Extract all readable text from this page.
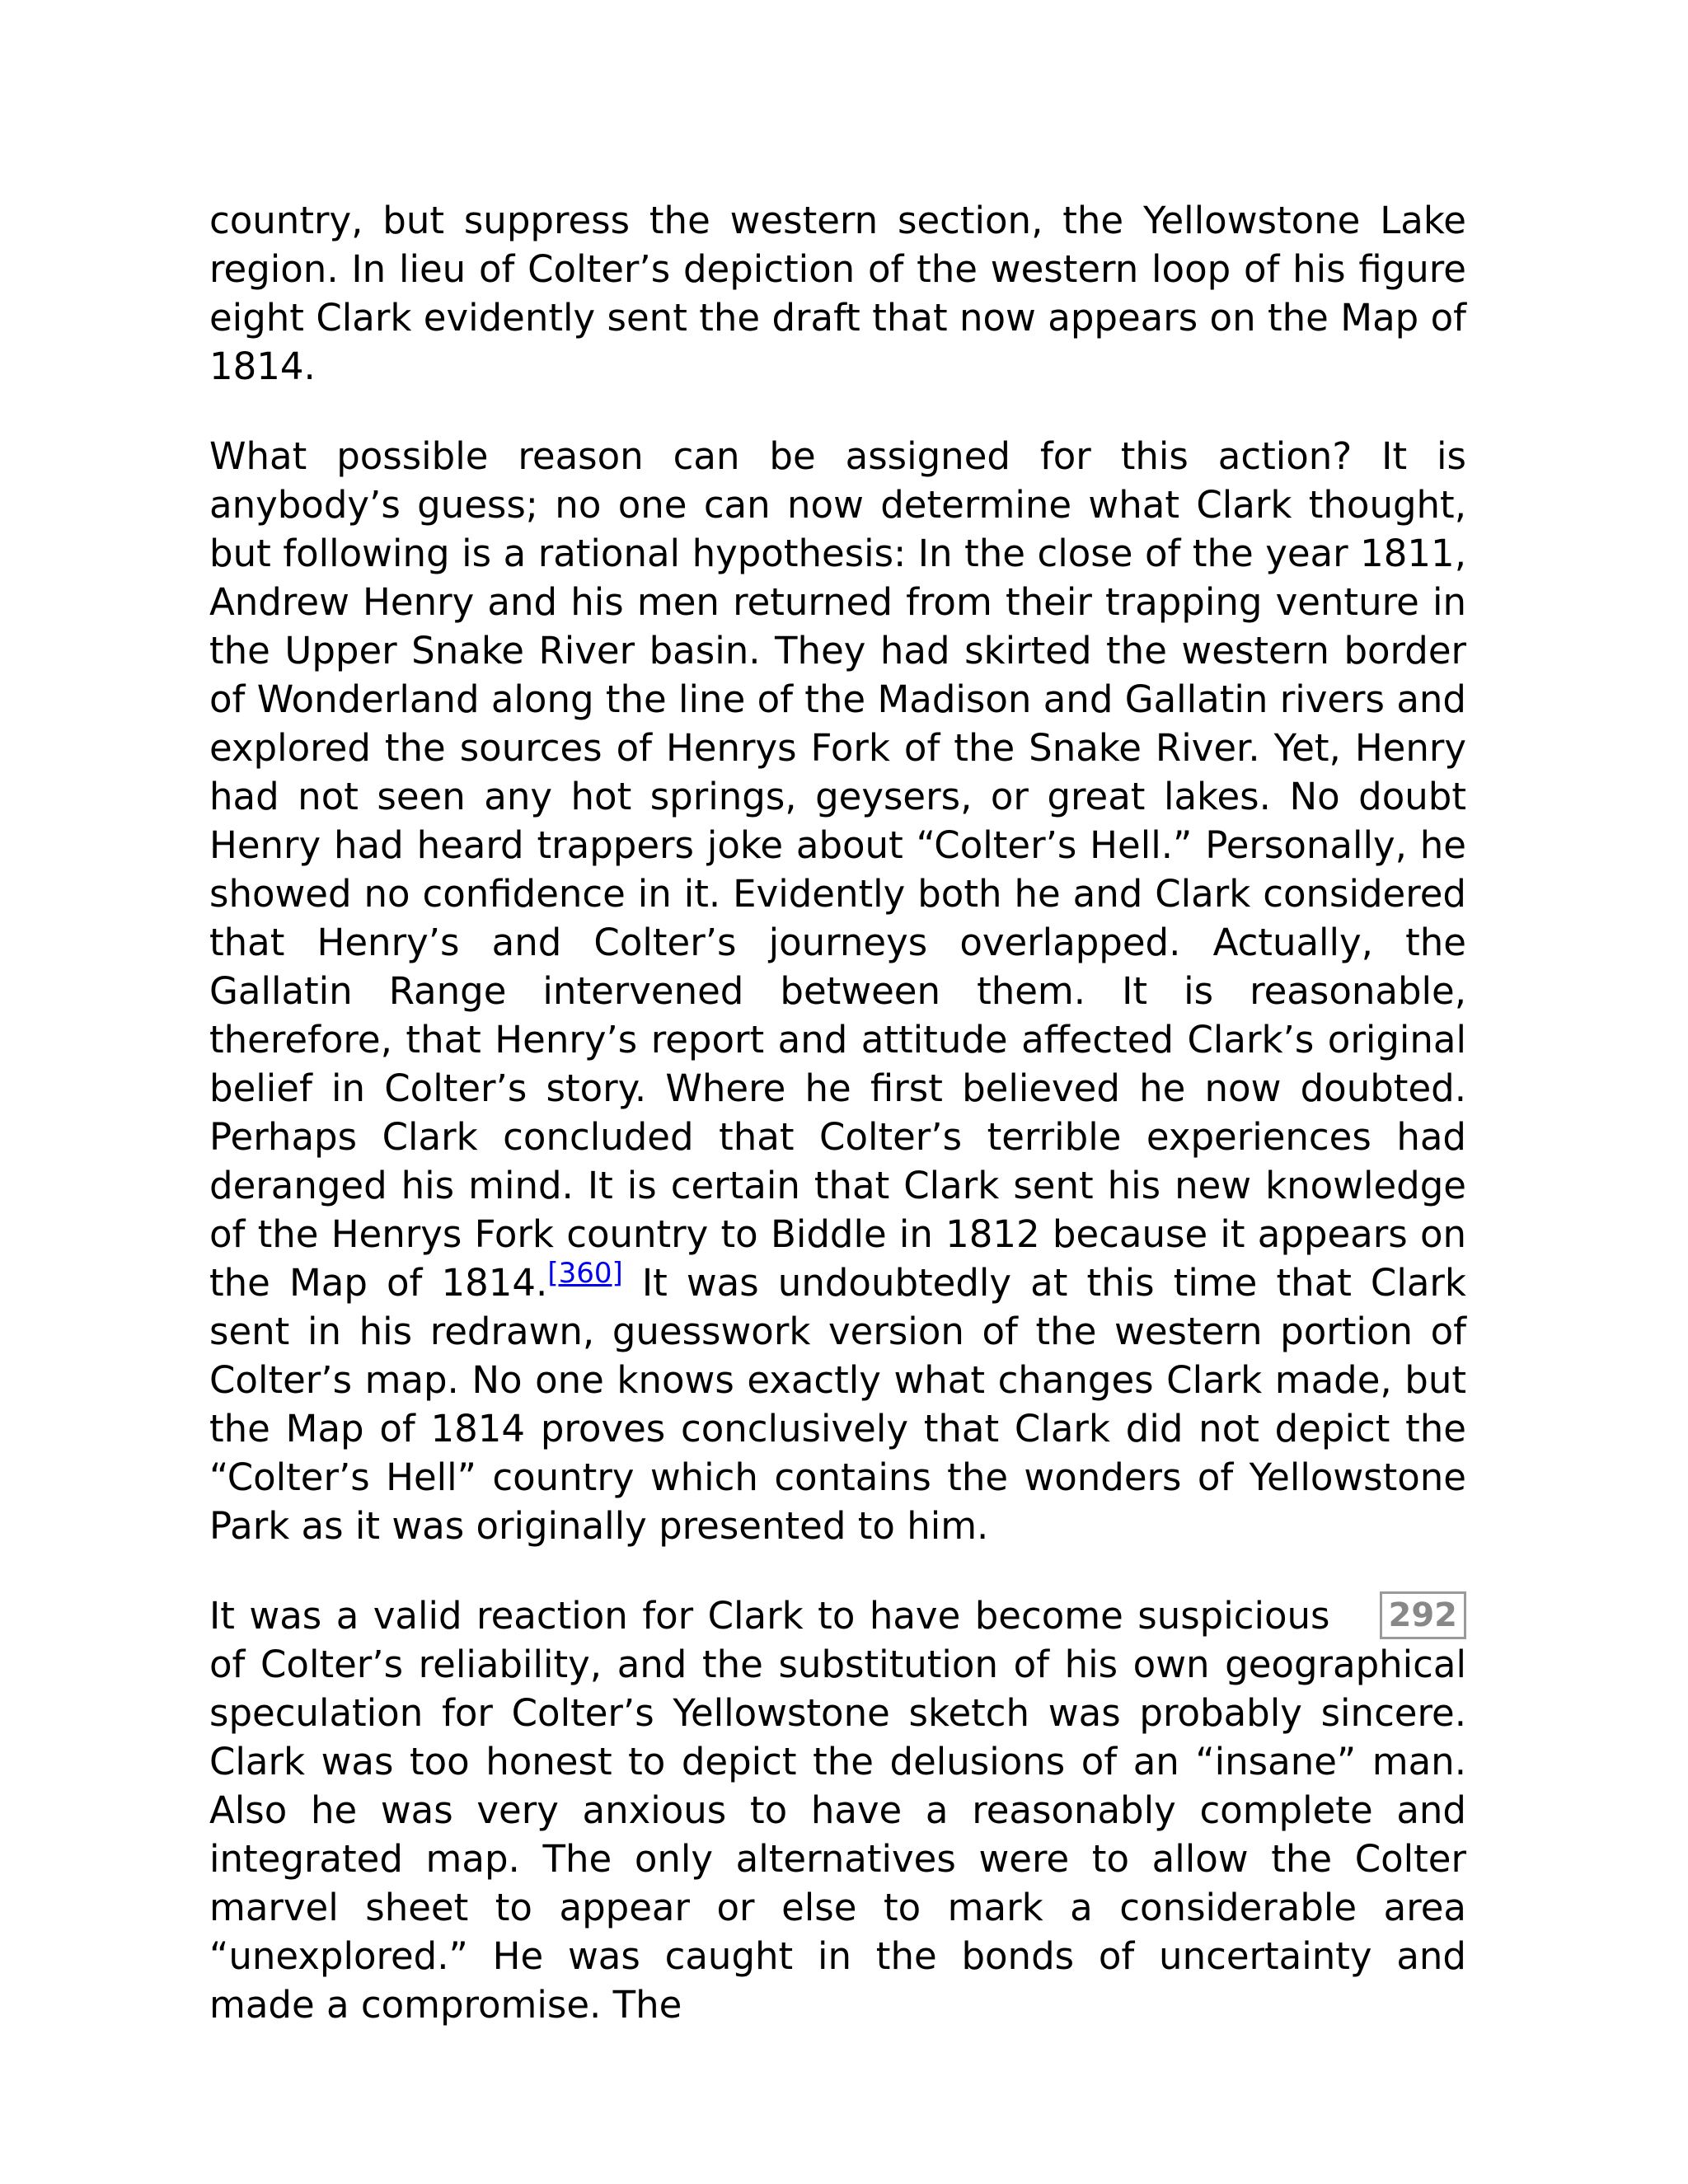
country, but suppress the western section, the Yellowstone Lake region. In lieu of Colter’s depiction of the western loop of his figure eight Clark evidently sent the draft that now appears on the Map of 1814.

What possible reason can be assigned for this action? It is anybody’s guess; no one can now determine what Clark thought, but following is a rational hypothesis: In the close of the year 1811, Andrew Henry and his men returned from their trapping venture in the Upper Snake River basin. They had skirted the western border of Wonderland along the line of the Madison and Gallatin rivers and explored the sources of Henrys Fork of the Snake River. Yet, Henry had not seen any hot springs, geysers, or great lakes. No doubt Henry had heard trappers joke about “Colter’s Hell.” Personally, he showed no confidence in it. Evidently both he and Clark considered that Henry’s and Colter’s journeys overlapped. Actually, the Gallatin Range intervened between them. It is reasonable, therefore, that Henry’s report and attitude affected Clark’s original belief in Colter’s story. Where he first believed he now doubted. Perhaps Clark concluded that Colter’s terrible experiences had deranged his mind. It is certain that Clark sent his new knowledge of the Henrys Fork country to Biddle in 1812 because it appears on the Map of 1814.[360] It was undoubtedly at this time that Clark sent in his redrawn, guesswork version of the western portion of Colter’s map. No one knows exactly what changes Clark made, but the Map of 1814 proves conclusively that Clark did not depict the “Colter’s Hell” country which contains the wonders of Yellowstone Park as it was originally presented to him.

292
It was a valid reaction for Clark to have become suspicious of Colter’s reliability, and the substitution of his own geographical speculation for Colter’s Yellowstone sketch was probably sincere. Clark was too honest to depict the delusions of an “insane” man. Also he was very anxious to have a reasonably complete and integrated map. The only alternatives were to allow the Colter marvel sheet to appear or else to mark a considerable area “unexplored.” He was caught in the bonds of uncertainty and made a compromise. The
